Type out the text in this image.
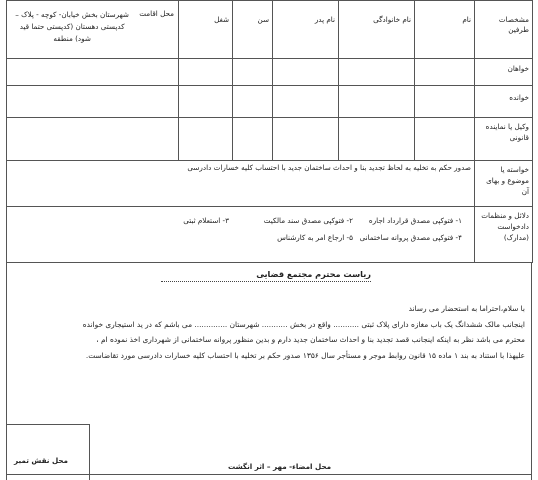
مشخصات طرفین	نام	نام خانوادگی	نام پدر	سن	شغل	محل اقامت
شهرستان بخش خیابان- کوچه - پلاک – کدپستی دهستان (کدپستی حتما قید شود) منطقه

خواهان						
خوانده						
وکیل یا نماینده قانونی						
خواسته یا موضوع و بهای آن	صدور حکم به تخلیه به لحاظ تجدید بنا و احداث ساختمان جدید با احتساب کلیه خسارات دادرسی					
دلائل و منظمات دادخواست (مدارک)	۱- فتوکپی مصدق قرارداد اجاره
۲- فتوکپی مصدق سند مالکیت
۳- استعلام ثبتی
۴- فتوکپی مصدق پروانه ساختمانی
۵- ارجاع امر به کارشناس					
ریاست محترم مجتمع قضایی
با سلام،احتراما به استحضار می رساند
اینجانب مالک ششدانگ یک باب مغازه دارای پلاک ثبتی ........... واقع در بخش ........... شهرستان .............. می باشم که در ید استیجاری خوانده
محترم می باشد نظر به اینکه اینجانب قصد تجدید بنا و احداث ساختمان جدید دارم و بدین منظور پروانه ساختمانی از شهرداری اخذ نموده ام ،
علیهذا با استناد به بند ۱ ماده ۱۵ قانون روابط موجر و مستأجر سال ۱۳۵۶ صدور حکم بر تخلیه با احتساب کلیه خسارات دادرسی مورد تقاضاست.
محل نقش تمبر
محل امضاء- مهر – اثر انگشت
